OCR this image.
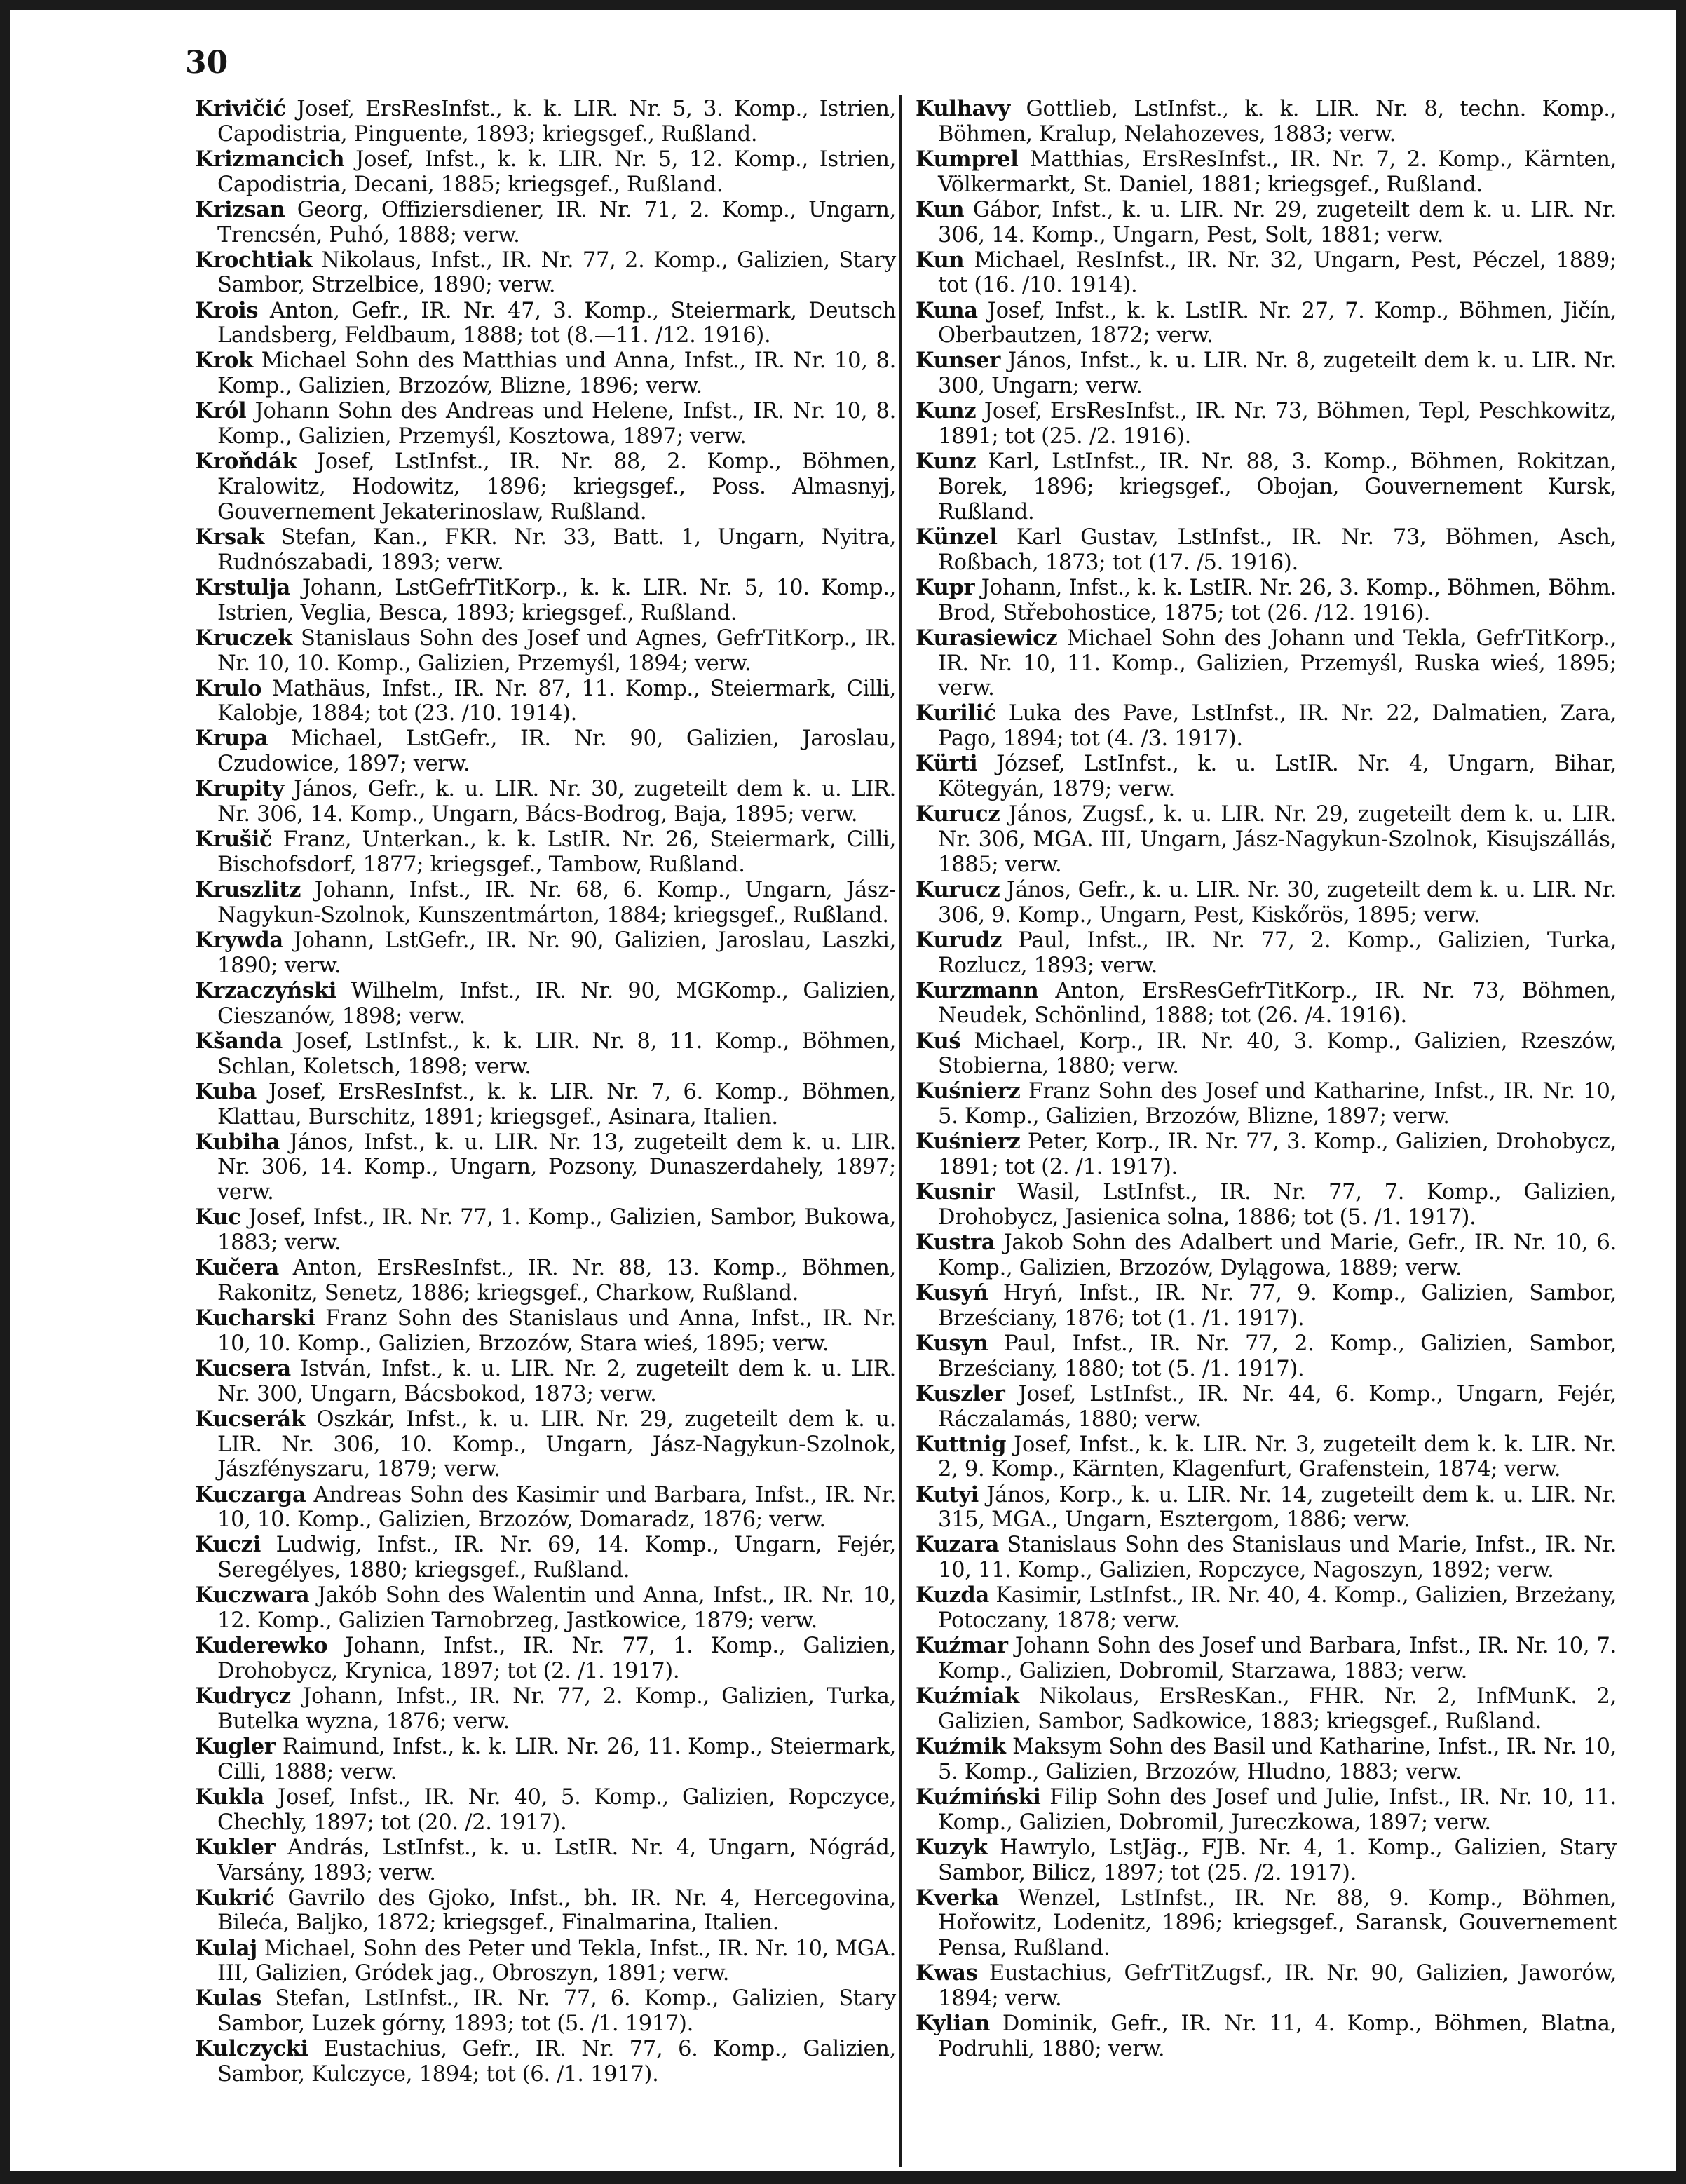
30
Krivičić Josef, ErsResInfst., k. k. LIR. Nr. 5, 3. Komp., Istrien, Capodistria, Pinguente, 1893; kriegsgef., Rußland.
Krizmancich Josef, Infst., k. k. LIR. Nr. 5, 12. Komp., Istrien, Capodistria, Decani, 1885; kriegsgef., Rußland.
Krizsan Georg, Offiziersdiener, IR. Nr. 71, 2. Komp., Ungarn, Trencsén, Puhó, 1888; verw.
Krochtiak Nikolaus, Infst., IR. Nr. 77, 2. Komp., Galizien, Stary Sambor, Strzelbice, 1890; verw.
Krois Anton, Gefr., IR. Nr. 47, 3. Komp., Steiermark, Deutsch Landsberg, Feldbaum, 1888; tot (8.—11. /12. 1916).
Krok Michael Sohn des Matthias und Anna, Infst., IR. Nr. 10, 8. Komp., Galizien, Brzozów, Blizne, 1896; verw.
Król Johann Sohn des Andreas und Helene, Infst., IR. Nr. 10, 8. Komp., Galizien, Przemyśl, Kosztowa, 1897; verw.
Kroňdák Josef, LstInfst., IR. Nr. 88, 2. Komp., Böhmen, Kralowitz, Hodowitz, 1896; kriegsgef., Poss. Almasnyj, Gouvernement Jekaterinoslaw, Rußland.
Krsak Stefan, Kan., FKR. Nr. 33, Batt. 1, Ungarn, Nyitra, Rudnószabadi, 1893; verw.
Krstulja Johann, LstGefrTitKorp., k. k. LIR. Nr. 5, 10. Komp., Istrien, Veglia, Besca, 1893; kriegsgef., Rußland.
Kruczek Stanislaus Sohn des Josef und Agnes, GefrTitKorp., IR. Nr. 10, 10. Komp., Galizien, Przemyśl, 1894; verw.
Krulo Mathäus, Infst., IR. Nr. 87, 11. Komp., Steiermark, Cilli, Kalobje, 1884; tot (23. /10. 1914).
Krupa Michael, LstGefr., IR. Nr. 90, Galizien, Jaroslau, Czudowice, 1897; verw.
Krupity János, Gefr., k. u. LIR. Nr. 30, zugeteilt dem k. u. LIR. Nr. 306, 14. Komp., Ungarn, Bács-Bodrog, Baja, 1895; verw.
Krušič Franz, Unterkan., k. k. LstIR. Nr. 26, Steiermark, Cilli, Bischofsdorf, 1877; kriegsgef., Tambow, Rußland.
Kruszlitz Johann, Infst., IR. Nr. 68, 6. Komp., Ungarn, Jász-Nagykun-Szolnok, Kunszentmárton, 1884; kriegsgef., Rußland.
Krywda Johann, LstGefr., IR. Nr. 90, Galizien, Jaroslau, Laszki, 1890; verw.
Krzaczyński Wilhelm, Infst., IR. Nr. 90, MGKomp., Galizien, Cieszanów, 1898; verw.
Kšanda Josef, LstInfst., k. k. LIR. Nr. 8, 11. Komp., Böhmen, Schlan, Koletsch, 1898; verw.
Kuba Josef, ErsResInfst., k. k. LIR. Nr. 7, 6. Komp., Böhmen, Klattau, Burschitz, 1891; kriegsgef., Asinara, Italien.
Kubiha János, Infst., k. u. LIR. Nr. 13, zugeteilt dem k. u. LIR. Nr. 306, 14. Komp., Ungarn, Pozsony, Dunaszerdahely, 1897; verw.
Kuc Josef, Infst., IR. Nr. 77, 1. Komp., Galizien, Sambor, Bukowa, 1883; verw.
Kučera Anton, ErsResInfst., IR. Nr. 88, 13. Komp., Böhmen, Rakonitz, Senetz, 1886; kriegsgef., Charkow, Rußland.
Kucharski Franz Sohn des Stanislaus und Anna, Infst., IR. Nr. 10, 10. Komp., Galizien, Brzozów, Stara wieś, 1895; verw.
Kucsera István, Infst., k. u. LIR. Nr. 2, zugeteilt dem k. u. LIR. Nr. 300, Ungarn, Bácsbokod, 1873; verw.
Kucserák Oszkár, Infst., k. u. LIR. Nr. 29, zugeteilt dem k. u. LIR. Nr. 306, 10. Komp., Ungarn, Jász-Nagykun-Szolnok, Jászfényszaru, 1879; verw.
Kuczarga Andreas Sohn des Kasimir und Barbara, Infst., IR. Nr. 10, 10. Komp., Galizien, Brzozów, Domaradz, 1876; verw.
Kuczi Ludwig, Infst., IR. Nr. 69, 14. Komp., Ungarn, Fejér, Seregélyes, 1880; kriegsgef., Rußland.
Kuczwara Jakób Sohn des Walentin und Anna, Infst., IR. Nr. 10, 12. Komp., Galizien Tarnobrzeg, Jastkowice, 1879; verw.
Kuderewko Johann, Infst., IR. Nr. 77, 1. Komp., Galizien, Drohobycz, Krynica, 1897; tot (2. /1. 1917).
Kudrycz Johann, Infst., IR. Nr. 77, 2. Komp., Galizien, Turka, Butelka wyzna, 1876; verw.
Kugler Raimund, Infst., k. k. LIR. Nr. 26, 11. Komp., Steiermark, Cilli, 1888; verw.
Kukla Josef, Infst., IR. Nr. 40, 5. Komp., Galizien, Ropczyce, Chechly, 1897; tot (20. /2. 1917).
Kukler András, LstInfst., k. u. LstIR. Nr. 4, Ungarn, Nógrád, Varsány, 1893; verw.
Kukrić Gavrilo des Gjoko, Infst., bh. IR. Nr. 4, Hercegovina, Bileća, Baljko, 1872; kriegsgef., Finalmarina, Italien.
Kulaj Michael, Sohn des Peter und Tekla, Infst., IR. Nr. 10, MGA. III, Galizien, Gródek jag., Obroszyn, 1891; verw.
Kulas Stefan, LstInfst., IR. Nr. 77, 6. Komp., Galizien, Stary Sambor, Luzek górny, 1893; tot (5. /1. 1917).
Kulczycki Eustachius, Gefr., IR. Nr. 77, 6. Komp., Galizien, Sambor, Kulczyce, 1894; tot (6. /1. 1917).
Kulhavy Gottlieb, LstInfst., k. k. LIR. Nr. 8, techn. Komp., Böhmen, Kralup, Nelahozeves, 1883; verw.
Kumprel Matthias, ErsResInfst., IR. Nr. 7, 2. Komp., Kärnten, Völkermarkt, St. Daniel, 1881; kriegsgef., Rußland.
Kun Gábor, Infst., k. u. LIR. Nr. 29, zugeteilt dem k. u. LIR. Nr. 306, 14. Komp., Ungarn, Pest, Solt, 1881; verw.
Kun Michael, ResInfst., IR. Nr. 32, Ungarn, Pest, Péczel, 1889; tot (16. /10. 1914).
Kuna Josef, Infst., k. k. LstIR. Nr. 27, 7. Komp., Böhmen, Jičín, Oberbautzen, 1872; verw.
Kunser János, Infst., k. u. LIR. Nr. 8, zugeteilt dem k. u. LIR. Nr. 300, Ungarn; verw.
Kunz Josef, ErsResInfst., IR. Nr. 73, Böhmen, Tepl, Peschkowitz, 1891; tot (25. /2. 1916).
Kunz Karl, LstInfst., IR. Nr. 88, 3. Komp., Böhmen, Rokitzan, Borek, 1896; kriegsgef., Obojan, Gouvernement Kursk, Rußland.
Künzel Karl Gustav, LstInfst., IR. Nr. 73, Böhmen, Asch, Roßbach, 1873; tot (17. /5. 1916).
Kupr Johann, Infst., k. k. LstIR. Nr. 26, 3. Komp., Böhmen, Böhm. Brod, Střebohostice, 1875; tot (26. /12. 1916).
Kurasiewicz Michael Sohn des Johann und Tekla, GefrTitKorp., IR. Nr. 10, 11. Komp., Galizien, Przemyśl, Ruska wieś, 1895; verw.
Kurilić Luka des Pave, LstInfst., IR. Nr. 22, Dalmatien, Zara, Pago, 1894; tot (4. /3. 1917).
Kürti József, LstInfst., k. u. LstIR. Nr. 4, Ungarn, Bihar, Kötegyán, 1879; verw.
Kurucz János, Zugsf., k. u. LIR. Nr. 29, zugeteilt dem k. u. LIR. Nr. 306, MGA. III, Ungarn, Jász-Nagykun-Szolnok, Kisujszállás, 1885; verw.
Kurucz János, Gefr., k. u. LIR. Nr. 30, zugeteilt dem k. u. LIR. Nr. 306, 9. Komp., Ungarn, Pest, Kiskőrös, 1895; verw.
Kurudz Paul, Infst., IR. Nr. 77, 2. Komp., Galizien, Turka, Rozlucz, 1893; verw.
Kurzmann Anton, ErsResGefrTitKorp., IR. Nr. 73, Böhmen, Neudek, Schönlind, 1888; tot (26. /4. 1916).
Kuś Michael, Korp., IR. Nr. 40, 3. Komp., Galizien, Rzeszów, Stobierna, 1880; verw.
Kuśnierz Franz Sohn des Josef und Katharine, Infst., IR. Nr. 10, 5. Komp., Galizien, Brzozów, Blizne, 1897; verw.
Kuśnierz Peter, Korp., IR. Nr. 77, 3. Komp., Galizien, Drohobycz, 1891; tot (2. /1. 1917).
Kusnir Wasil, LstInfst., IR. Nr. 77, 7. Komp., Galizien, Drohobycz, Jasienica solna, 1886; tot (5. /1. 1917).
Kustra Jakob Sohn des Adalbert und Marie, Gefr., IR. Nr. 10, 6. Komp., Galizien, Brzozów, Dylągowa, 1889; verw.
Kusyń Hryń, Infst., IR. Nr. 77, 9. Komp., Galizien, Sambor, Brześciany, 1876; tot (1. /1. 1917).
Kusyn Paul, Infst., IR. Nr. 77, 2. Komp., Galizien, Sambor, Brześciany, 1880; tot (5. /1. 1917).
Kuszler Josef, LstInfst., IR. Nr. 44, 6. Komp., Ungarn, Fejér, Ráczalamás, 1880; verw.
Kuttnig Josef, Infst., k. k. LIR. Nr. 3, zugeteilt dem k. k. LIR. Nr. 2, 9. Komp., Kärnten, Klagenfurt, Grafenstein, 1874; verw.
Kutyi János, Korp., k. u. LIR. Nr. 14, zugeteilt dem k. u. LIR. Nr. 315, MGA., Ungarn, Esztergom, 1886; verw.
Kuzara Stanislaus Sohn des Stanislaus und Marie, Infst., IR. Nr. 10, 11. Komp., Galizien, Ropczyce, Nagoszyn, 1892; verw.
Kuzda Kasimir, LstInfst., IR. Nr. 40, 4. Komp., Galizien, Brzeżany, Potoczany, 1878; verw.
Kuźmar Johann Sohn des Josef und Barbara, Infst., IR. Nr. 10, 7. Komp., Galizien, Dobromil, Starzawa, 1883; verw.
Kuźmiak Nikolaus, ErsResKan., FHR. Nr. 2, InfMunK. 2, Galizien, Sambor, Sadkowice, 1883; kriegsgef., Rußland.
Kuźmik Maksym Sohn des Basil und Katharine, Infst., IR. Nr. 10, 5. Komp., Galizien, Brzozów, Hludno, 1883; verw.
Kuźmiński Filip Sohn des Josef und Julie, Infst., IR. Nr. 10, 11. Komp., Galizien, Dobromil, Jureczkowa, 1897; verw.
Kuzyk Hawrylo, LstJäg., FJB. Nr. 4, 1. Komp., Galizien, Stary Sambor, Bilicz, 1897; tot (25. /2. 1917).
Kverka Wenzel, LstInfst., IR. Nr. 88, 9. Komp., Böhmen, Hořowitz, Lodenitz, 1896; kriegsgef., Saransk, Gouvernement Pensa, Rußland.
Kwas Eustachius, GefrTitZugsf., IR. Nr. 90, Galizien, Jaworów, 1894; verw.
Kylian Dominik, Gefr., IR. Nr. 11, 4. Komp., Böhmen, Blatna, Podruhli, 1880; verw.
